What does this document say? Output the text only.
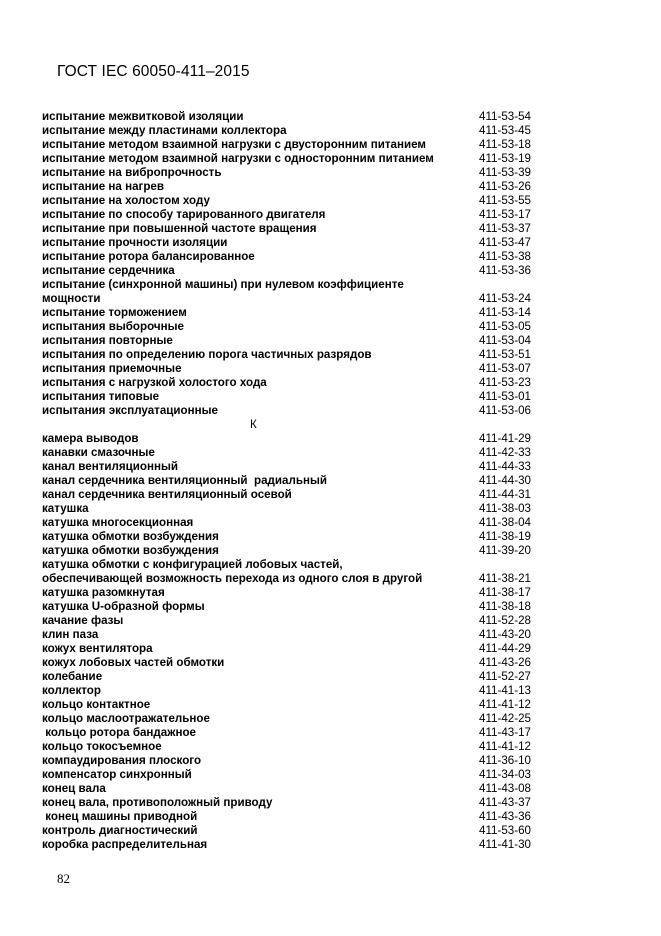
ГОСТ IEC 60050-411–2015
испытание межвитковой изоляции	411-53-54
испытание между пластинами коллектора	411-53-45
испытание методом взаимной нагрузки с двусторонним питанием	411-53-18
испытание методом взаимной нагрузки с односторонним питанием	411-53-19
испытание на вибропрочность	411-53-39
испытание на нагрев	411-53-26
испытание на холостом ходу	411-53-55
испытание по способу тарированного двигателя	411-53-17
испытание при повышенной частоте вращения	411-53-37
испытание прочности изоляции	411-53-47
испытание ротора балансированное	411-53-38
испытание сердечника	411-53-36
испытание (синхронной машины) при нулевом коэффициенте
мощности	411-53-24
испытание торможением	411-53-14
испытания выборочные	411-53-05
испытания повторные	411-53-04
испытания по определению порога частичных разрядов	411-53-51
испытания приемочные	411-53-07
испытания с нагрузкой холостого хода	411-53-23
испытания типовые	411-53-01
испытания эксплуатационные	411-53-06
К
камера выводов	411-41-29
канавки смазочные	411-42-33
канал вентиляционный	411-44-33
канал сердечника вентиляционный  радиальный	411-44-30
канал сердечника вентиляционный осевой	411-44-31
катушка	411-38-03
катушка многосекционная	411-38-04
катушка обмотки возбуждения	411-38-19
катушка обмотки возбуждения	411-39-20
катушка обмотки с конфигурацией лобовых частей,
обеспечивающей возможность перехода из одного слоя в другой	411-38-21
катушка разомкнутая	411-38-17
катушка U-образной формы	411-38-18
качание фазы	411-52-28
клин паза	411-43-20
кожух вентилятора	411-44-29
кожух лобовых частей обмотки	411-43-26
колебание	411-52-27
коллектор	411-41-13
кольцо контактное	411-41-12
кольцо маслоотражательное	411-42-25
кольцо ротора бандажное	411-43-17
кольцо токосъемное	411-41-12
компаудирования плоского	411-36-10
компенсатор синхронный	411-34-03
конец вала	411-43-08
конец вала, противоположный приводу	411-43-37
конец машины приводной	411-43-36
контроль диагностический	411-53-60
коробка распределительная	411-41-30
82
